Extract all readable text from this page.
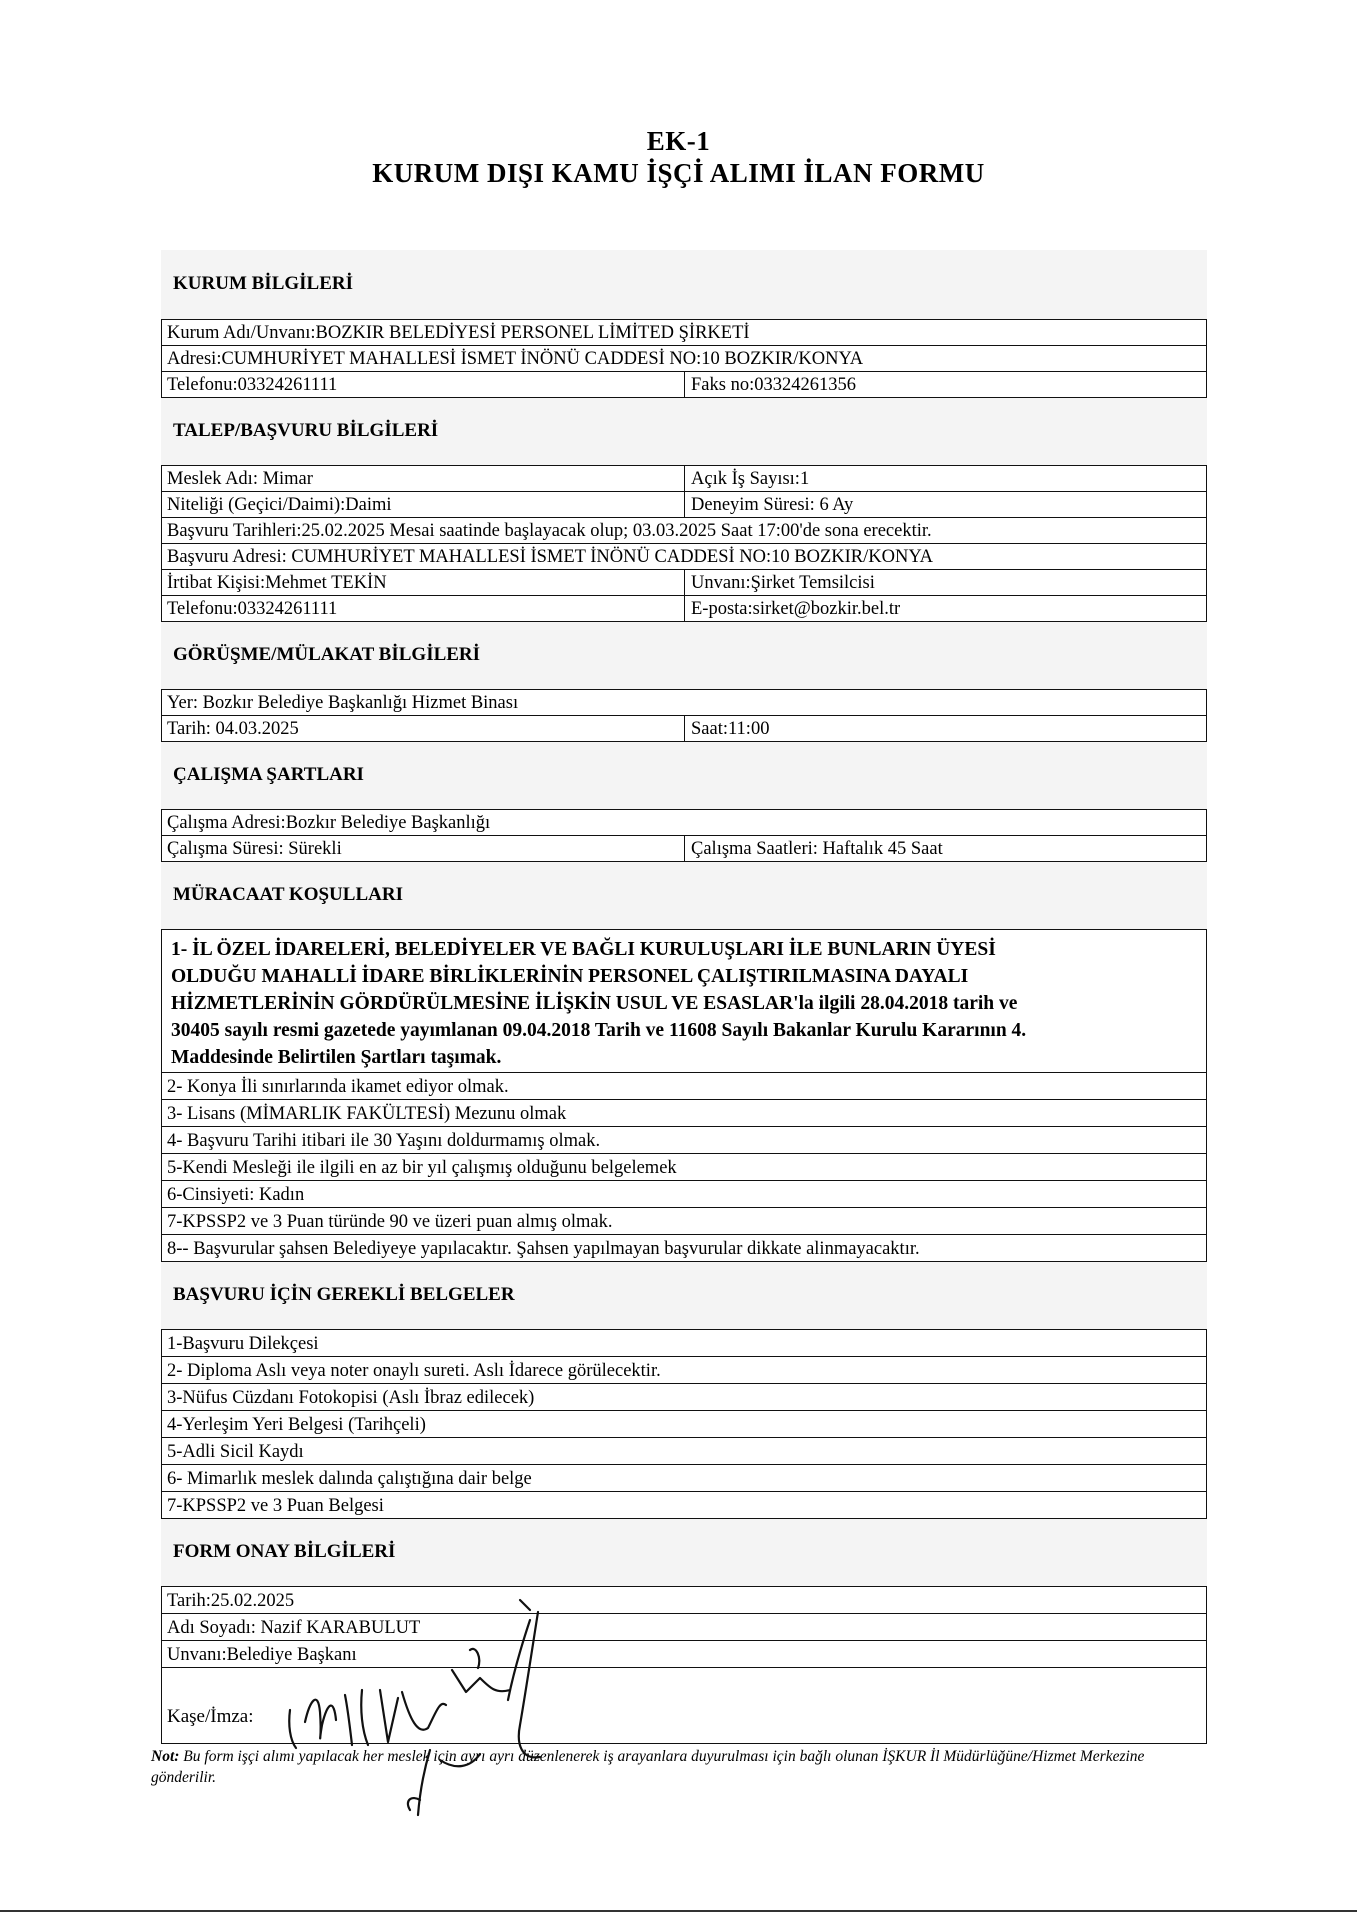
EK-1
KURUM DIŞI KAMU İŞÇİ ALIMI İLAN FORMU
KURUM BİLGİLERİ
Kurum Adı/Unvanı:BOZKIR BELEDİYESİ PERSONEL LİMİTED ŞİRKETİ
Adresi:CUMHURİYET MAHALLESİ İSMET İNÖNÜ CADDESİ NO:10 BOZKIR/KONYA
Telefonu:03324261111	Faks no:03324261356
TALEP/BAŞVURU BİLGİLERİ
Meslek Adı: Mimar	Açık İş Sayısı:1
Niteliği (Geçici/Daimi):Daimi	Deneyim Süresi: 6 Ay
Başvuru Tarihleri:25.02.2025 Mesai saatinde başlayacak olup; 03.03.2025 Saat 17:00'de sona erecektir.
Başvuru Adresi: CUMHURİYET MAHALLESİ İSMET İNÖNÜ CADDESİ NO:10 BOZKIR/KONYA
İrtibat Kişisi:Mehmet TEKİN	Unvanı:Şirket Temsilcisi
Telefonu:03324261111	E-posta:sirket@bozkir.bel.tr
GÖRÜŞME/MÜLAKAT BİLGİLERİ
Yer: Bozkır Belediye Başkanlığı Hizmet Binası
Tarih: 04.03.2025	Saat:11:00
ÇALIŞMA ŞARTLARI
Çalışma Adresi:Bozkır Belediye Başkanlığı
Çalışma Süresi: Sürekli	Çalışma Saatleri: Haftalık 45 Saat
MÜRACAAT KOŞULLARI
1- İL ÖZEL İDARELERİ, BELEDİYELER VE BAĞLI KURULUŞLARI İLE BUNLARIN ÜYESİ
OLDUĞU MAHALLİ İDARE BİRLİKLERİNİN PERSONEL ÇALIŞTIRILMASINA DAYALI
HİZMETLERİNİN GÖRDÜRÜLMESİNE İLİŞKİN USUL VE ESASLAR'la ilgili 28.04.2018 tarih ve
30405 sayılı resmi gazetede yayımlanan 09.04.2018 Tarih ve 11608 Sayılı Bakanlar Kurulu Kararının 4.
Maddesinde Belirtilen Şartları taşımak.
2- Konya İli sınırlarında ikamet ediyor olmak.
3- Lisans (MİMARLIK FAKÜLTESİ) Mezunu olmak
4- Başvuru Tarihi itibari ile 30 Yaşını doldurmamış olmak.
5-Kendi Mesleği ile ilgili en az bir yıl çalışmış olduğunu belgelemek
6-Cinsiyeti: Kadın
7-KPSSP2 ve 3 Puan türünde 90 ve üzeri puan almış olmak.
8-- Başvurular şahsen Belediyeye yapılacaktır. Şahsen yapılmayan başvurular dikkate alinmayacaktır.
BAŞVURU İÇİN GEREKLİ BELGELER
1-Başvuru Dilekçesi
2- Diploma Aslı veya noter onaylı sureti. Aslı İdarece görülecektir.
3-Nüfus Cüzdanı Fotokopisi (Aslı İbraz edilecek)
4-Yerleşim Yeri Belgesi (Tarihçeli)
5-Adli Sicil Kaydı
6- Mimarlık meslek dalında çalıştığına dair belge
7-KPSSP2 ve 3 Puan Belgesi
FORM ONAY BİLGİLERİ
Tarih:25.02.2025
Adı Soyadı: Nazif KARABULUT
Unvanı:Belediye Başkanı
Kaşe/İmza:
Not: Bu form işçi alımı yapılacak her meslek için ayrı ayrı düzenlenerek iş arayanlara duyurulması için bağlı olunan İŞKUR İl Müdürlüğüne/Hizmet Merkezine gönderilir.
